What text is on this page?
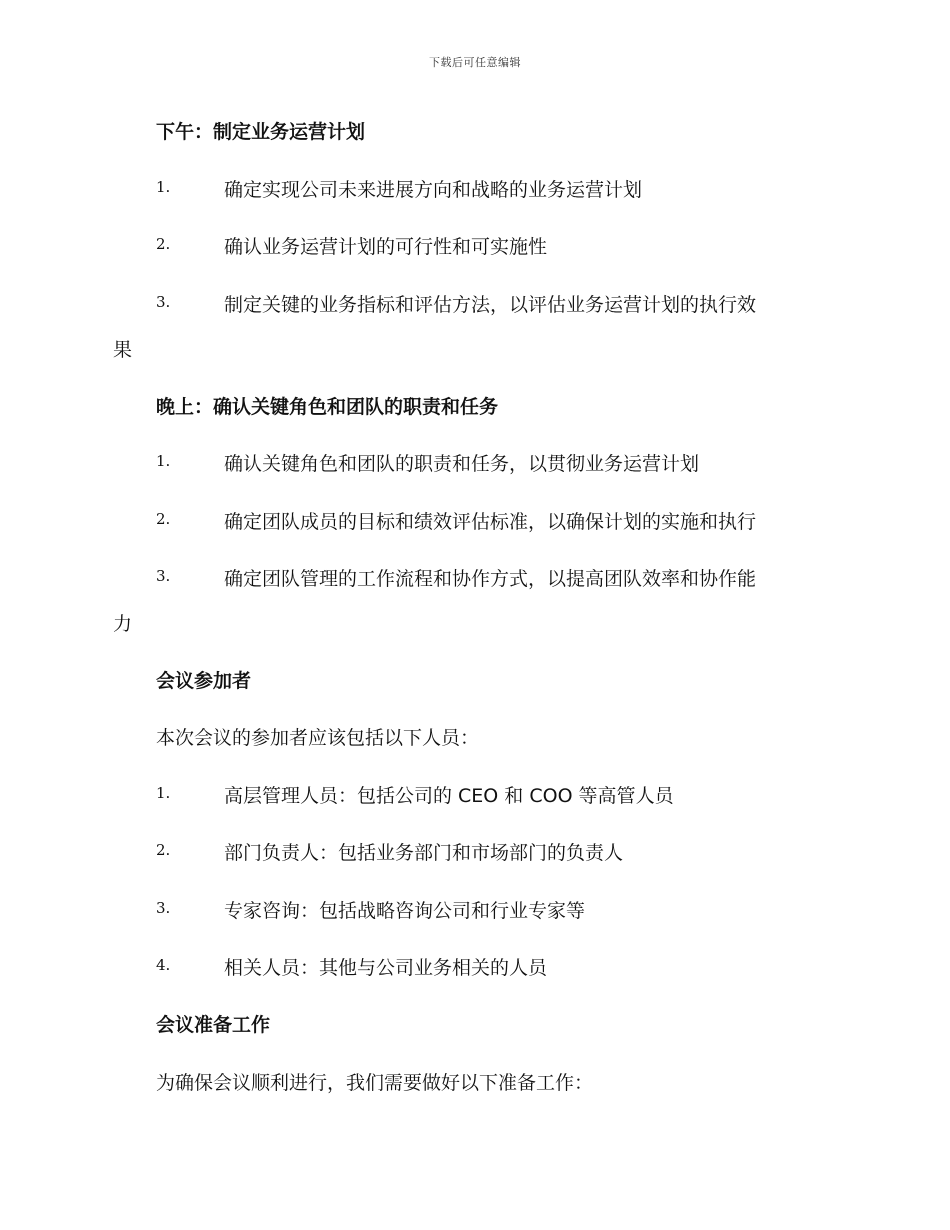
下载后可任意编辑
下午：制定业务运营计划
1.	确定实现公司未来进展方向和战略的业务运营计划
2.	确认业务运营计划的可行性和可实施性
3.	制定关键的业务指标和评估方法，以评估业务运营计划的执行效
果
晚上：确认关键角色和团队的职责和任务
1.	确认关键角色和团队的职责和任务，以贯彻业务运营计划
2.	确定团队成员的目标和绩效评估标准，以确保计划的实施和执行
3.	确定团队管理的工作流程和协作方式，以提高团队效率和协作能
力
会议参加者
本次会议的参加者应该包括以下人员：
1.	高层管理人员：包括公司的 CEO 和 COO 等高管人员
2.	部门负责人：包括业务部门和市场部门的负责人
3.	专家咨询：包括战略咨询公司和行业专家等
4.	相关人员：其他与公司业务相关的人员
会议准备工作
为确保会议顺利进行，我们需要做好以下准备工作：
